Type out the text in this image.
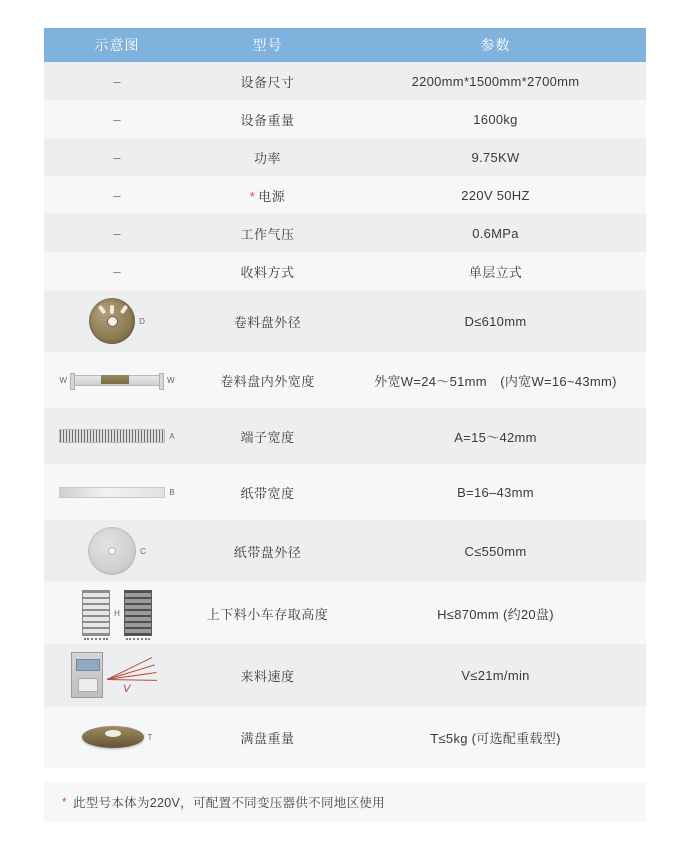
示意图	型号	参数
–	设备尺寸	2200mm*1500mm*2700mm
–	设备重量	1600kg
–	功率	9.75KW
–	* 电源	220V 50HZ
–	工作气压	0.6MPa
–	收料方式	单层立式

D	卷料盘外径	D≤610mm

W W	卷料盘内外宽度	外宽W=24〜51mm　(内宽W=16~43mm)

A	端子宽度	A=15〜42mm

B	纸带宽度	B=16–43mm

C	纸带盘外径	C≤550mm

H	上下料小车存取高度	H≤870mm (约20盘)

V	来料速度	V≤21m/min

T	满盘重量	T≤5kg (可选配重载型)
* 此型号本体为220V，可配置不同变压器供不同地区使用
